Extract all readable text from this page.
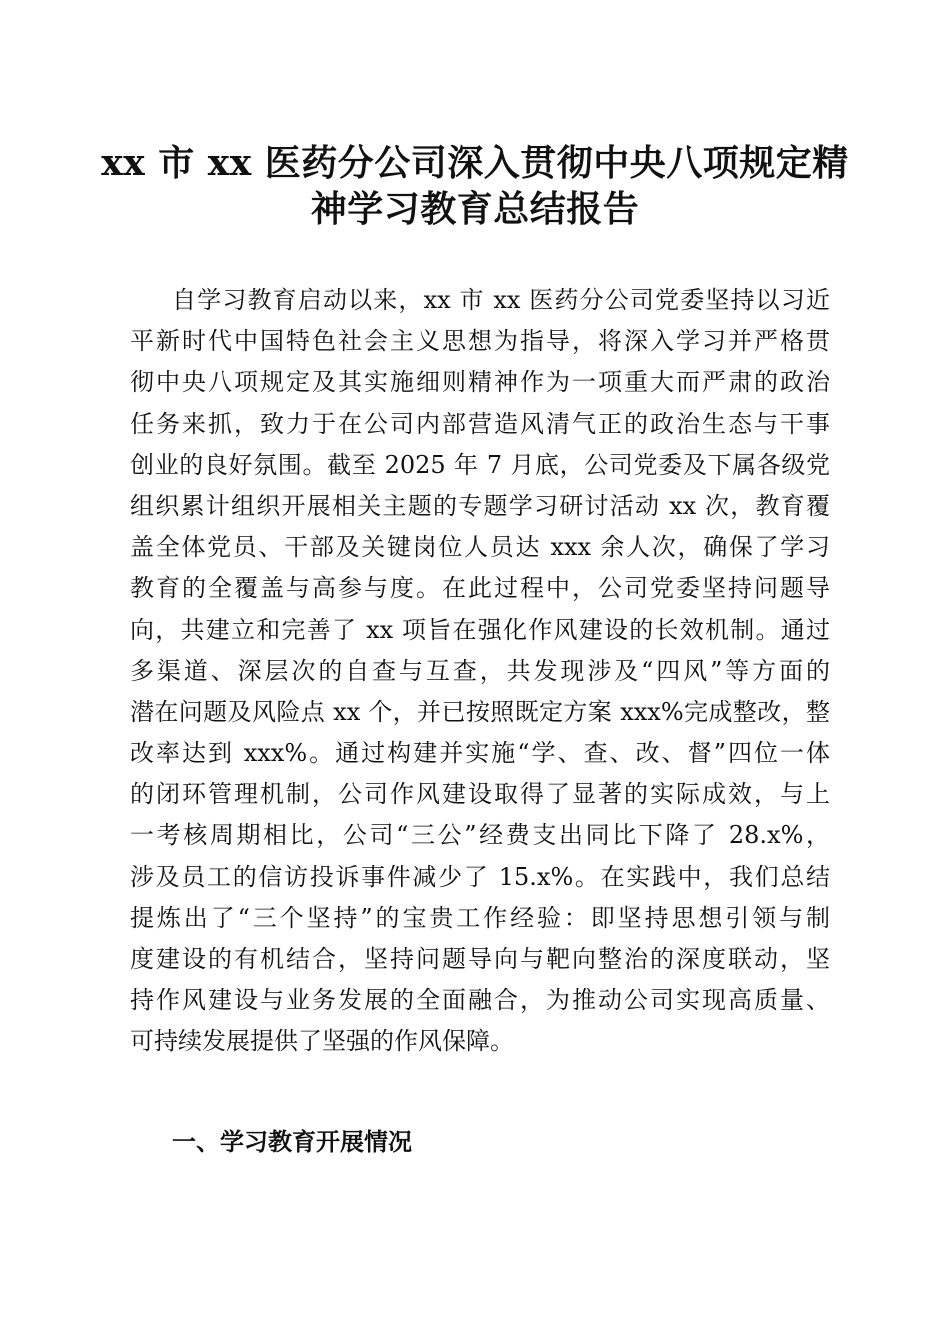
xx 市 xx 医药分公司深入贯彻中央八项规定精
神学习教育总结报告
自学习教育启动以来，xx 市 xx 医药分公司党委坚持以习近
平新时代中国特色社会主义思想为指导，将深入学习并严格贯
彻中央八项规定及其实施细则精神作为一项重大而严肃的政治
任务来抓，致力于在公司内部营造风清气正的政治生态与干事
创业的良好氛围。截至 2025 年 7 月底，公司党委及下属各级党
组织累计组织开展相关主题的专题学习研讨活动 xx 次，教育覆
盖全体党员、干部及关键岗位人员达 xxx 余人次，确保了学习
教育的全覆盖与高参与度。在此过程中，公司党委坚持问题导
向，共建立和完善了 xx 项旨在强化作风建设的长效机制。通过
多渠道、深层次的自查与互查，共发现涉及“四风”等方面的
潜在问题及风险点 xx 个，并已按照既定方案 xxx%完成整改，整
改率达到 xxx%。通过构建并实施“学、查、改、督”四位一体
的闭环管理机制，公司作风建设取得了显著的实际成效，与上
一考核周期相比，公司“三公”经费支出同比下降了 28.x%，
涉及员工的信访投诉事件减少了 15.x%。在实践中，我们总结
提炼出了“三个坚持”的宝贵工作经验：即坚持思想引领与制
度建设的有机结合，坚持问题导向与靶向整治的深度联动，坚
持作风建设与业务发展的全面融合，为推动公司实现高质量、
可持续发展提供了坚强的作风保障。
一、学习教育开展情况
